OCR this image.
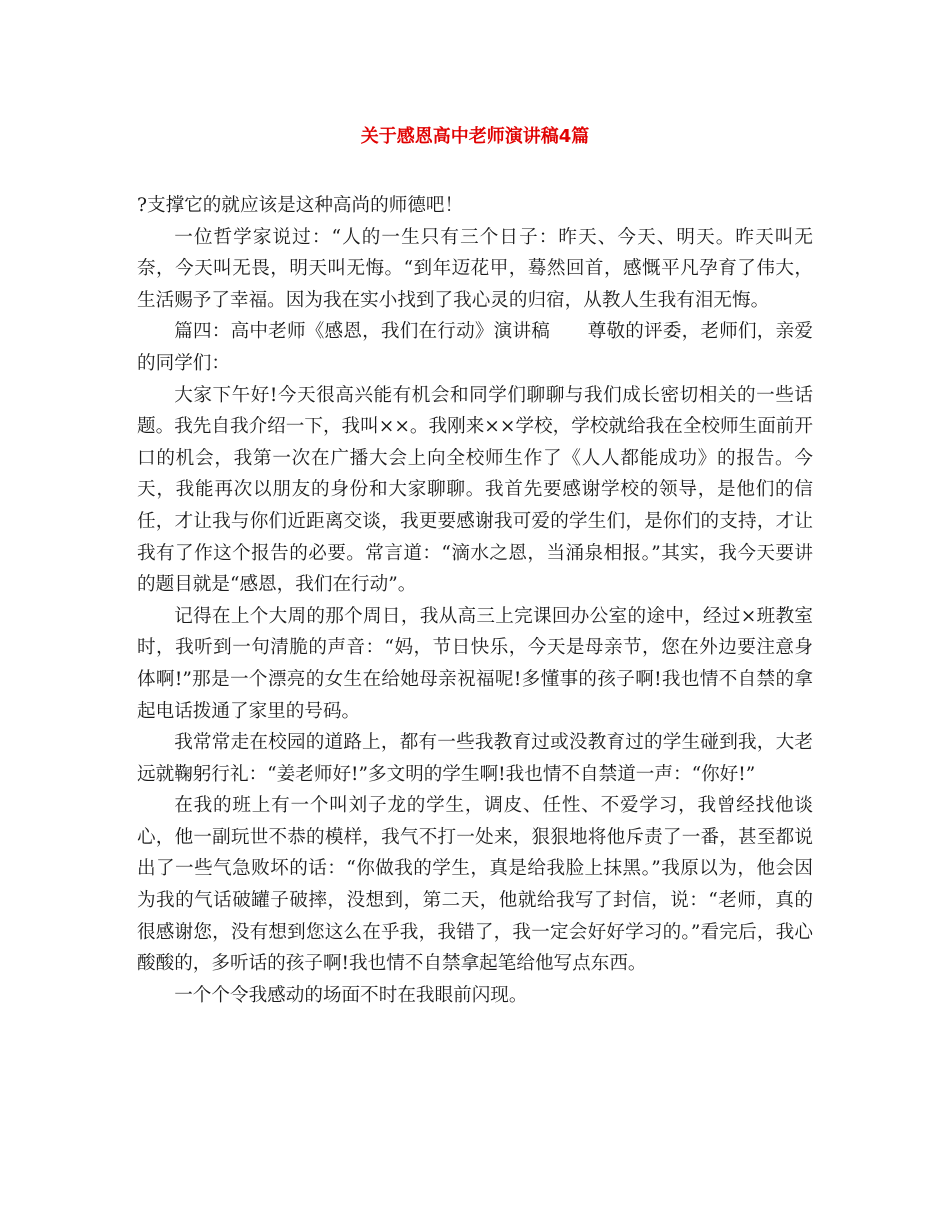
关于感恩高中老师演讲稿4篇

?支撑它的就应该是这种高尚的师德吧！

一位哲学家说过：“人的一生只有三个日子：昨天、今天、明天。昨天叫无奈，今天叫无畏，明天叫无悔。“到年迈花甲，蓦然回首，感慨平凡孕育了伟大，生活赐予了幸福。因为我在实小找到了我心灵的归宿，从教人生我有泪无悔。

篇四：高中老师《感恩，我们在行动》演讲稿　　尊敬的评委，老师们，亲爱的同学们：

大家下午好!今天很高兴能有机会和同学们聊聊与我们成长密切相关的一些话题。我先自我介绍一下，我叫××。我刚来××学校，学校就给我在全校师生面前开口的机会，我第一次在广播大会上向全校师生作了《人人都能成功》的报告。今天，我能再次以朋友的身份和大家聊聊。我首先要感谢学校的领导，是他们的信任，才让我与你们近距离交谈，我更要感谢我可爱的学生们，是你们的支持，才让我有了作这个报告的必要。常言道：“滴水之恩，当涌泉相报。”其实，我今天要讲的题目就是“感恩，我们在行动”。

记得在上个大周的那个周日，我从高三上完课回办公室的途中，经过×班教室时，我听到一句清脆的声音：“妈，节日快乐，今天是母亲节，您在外边要注意身体啊!”那是一个漂亮的女生在给她母亲祝福呢!多懂事的孩子啊!我也情不自禁的拿起电话拨通了家里的号码。

我常常走在校园的道路上，都有一些我教育过或没教育过的学生碰到我，大老远就鞠躬行礼：“姜老师好!”多文明的学生啊!我也情不自禁道一声：“你好!”

在我的班上有一个叫刘子龙的学生，调皮、任性、不爱学习，我曾经找他谈心，他一副玩世不恭的模样，我气不打一处来，狠狠地将他斥责了一番，甚至都说出了一些气急败坏的话：“你做我的学生，真是给我脸上抹黑。”我原以为，他会因为我的气话破罐子破摔，没想到，第二天，他就给我写了封信，说：“老师，真的很感谢您，没有想到您这么在乎我，我错了，我一定会好好学习的。”看完后，我心酸酸的，多听话的孩子啊!我也情不自禁拿起笔给他写点东西。

一个个令我感动的场面不时在我眼前闪现。
